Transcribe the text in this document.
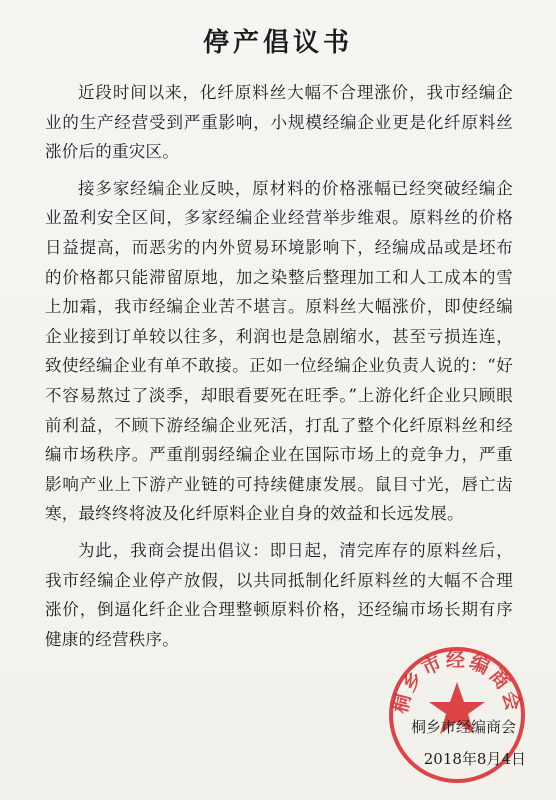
停产倡议书

近段时间以来，化纤原料丝大幅不合理涨价，我市经编企业的生产经营受到严重影响，小规模经编企业更是化纤原料丝涨价后的重灾区。

接多家经编企业反映，原材料的价格涨幅已经突破经编企业盈利安全区间，多家经编企业经营举步维艰。原料丝的价格日益提高，而恶劣的内外贸易环境影响下，经编成品或是坯布的价格都只能滞留原地，加之染整后整理加工和人工成本的雪上加霜，我市经编企业苦不堪言。原料丝大幅涨价，即使经编企业接到订单较以往多，利润也是急剧缩水，甚至亏损连连，致使经编企业有单不敢接。正如一位经编企业负责人说的：“好不容易熬过了淡季，却眼看要死在旺季。”上游化纤企业只顾眼前利益，不顾下游经编企业死活，打乱了整个化纤原料丝和经编市场秩序。严重削弱经编企业在国际市场上的竞争力，严重影响产业上下游产业链的可持续健康发展。鼠目寸光，唇亡齿寒，最终终将波及化纤原料企业自身的效益和长远发展。

为此，我商会提出倡议：即日起，清完库存的原料丝后，我市经编企业停产放假，以共同抵制化纤原料丝的大幅不合理涨价，倒逼化纤企业合理整顿原料价格，还经编市场长期有序健康的经营秩序。

桐乡市经编商会
桐乡市经编商会
2018年8月4日
